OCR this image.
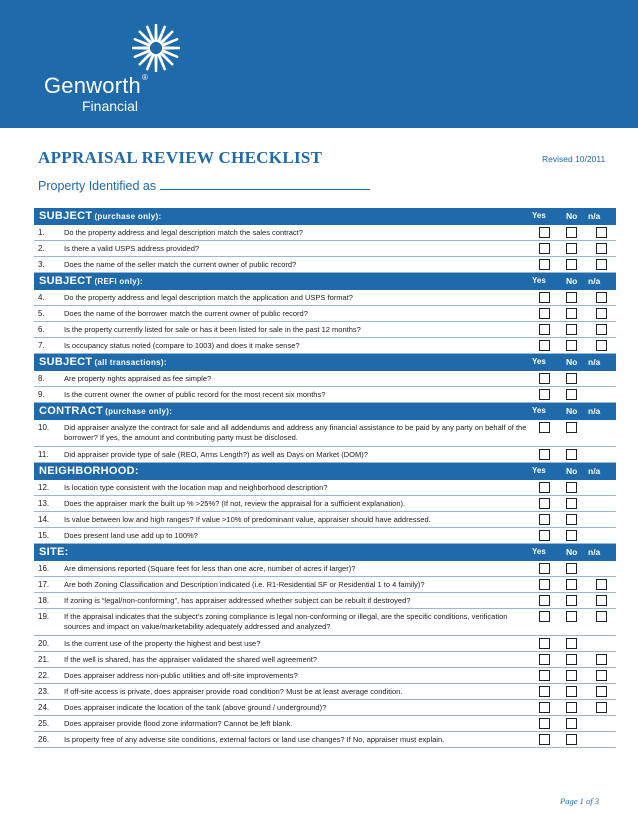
Genworth®
Financial
APPRAISAL REVIEW CHECKLIST	Revised 10/2011
Property Identified as
SUBJECT (purchase only):	Yes No n/a
1.	Do the property address and legal description match the sales contract?
2.	Is there a valid USPS address provided?
3.	Does the name of the seller match the current owner of public record?
SUBJECT (REFI only):	Yes No n/a
4.	Do the property address and legal description match the application and USPS format?
5.	Does the name of the borrower match the current owner of public record?
6.	Is the property currently listed for sale or has it been listed for sale in the past 12 months?
7.	Is occupancy status noted (compare to 1003) and does it make sense?
SUBJECT (all transactions):	Yes No n/a
8.	Are property rights appraised as fee simple?
9.	Is the current owner the owner of public record for the most recent six months?
CONTRACT (purchase only):	Yes No n/a
10. Did appraiser analyze the contract for sale and all addendums and address any financial assistance to be paid by any party on behalf of the borrower? If yes, the amount and contributing party must be disclosed.
11. Did appraiser provide type of sale (REO, Arms Length?) as well as Days on Market (DOM)?
NEIGHBORHOOD:	Yes No n/a
12. Is location type consistent with the location map and neighborhood description?
13. Does the appraiser mark the built up % >25%? (If not, review the appraisal for a sufficient explanation).
14. Is value between low and high ranges? If value >10% of predominant value, appraiser should have addressed.
15. Does present land use add up to 100%?
SITE:	Yes No n/a
16. Are dimensions reported (Square feet for less than one acre, number of acres if larger)?
17. Are both Zoning Classification and Description indicated (i.e. R1-Residential SF or Residential 1 to 4 family)?
18. If zoning is “legal/non-conforming”, has appraiser addressed whether subject can be rebuilt if destroyed?
19. If the appraisal indicates that the subject’s zoning compliance is legal non-conforming or illegal, are the specific conditions, verification sources and impact on value/marketability adequately addressed and analyzed?
20. Is the current use of the property the highest and best use?
21. If the well is shared, has the appraiser validated the shared well agreement?
22. Does appraiser address non-public utilities and off-site improvements?
23. If off-site access is private, does appraiser provide road condition? Must be at least average condition.
24. Does appraiser indicate the location of the tank (above ground / underground)?
25. Does appraiser provide flood zone information? Cannot be left blank.
26. Is property free of any adverse site conditions, external factors or land use changes? If No, appraiser must explain.
Page 1 of 3
